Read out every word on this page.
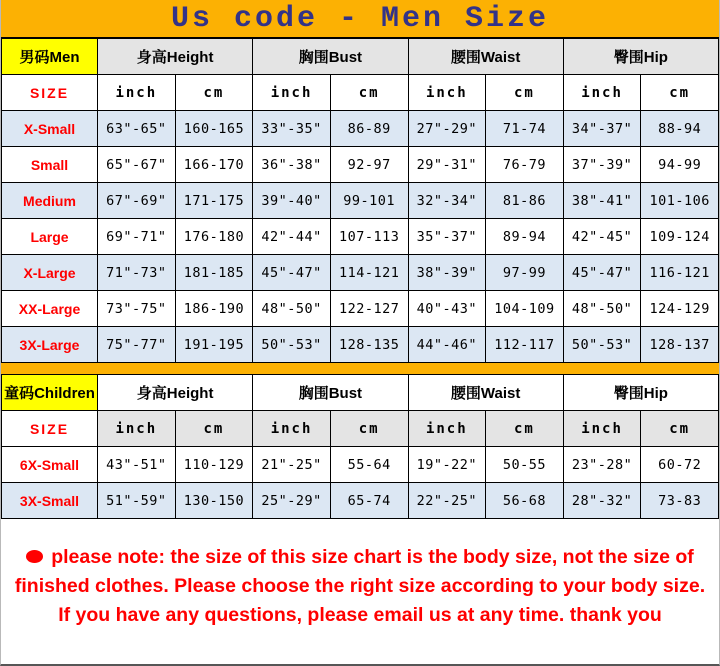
Us code - Men Size
男码Men	身高Height	胸围Bust	腰围Waist	臀围Hip
SIZE	inch	cm	inch	cm	inch	cm	inch	cm
X-Small	63"-65"	160-165	33"-35"	86-89	27"-29"	71-74	34"-37"	88-94
Small	65"-67"	166-170	36"-38"	92-97	29"-31"	76-79	37"-39"	94-99
Medium	67"-69"	171-175	39"-40"	99-101	32"-34"	81-86	38"-41"	101-106
Large	69"-71"	176-180	42"-44"	107-113	35"-37"	89-94	42"-45"	109-124
X-Large	71"-73"	181-185	45"-47"	114-121	38"-39"	97-99	45"-47"	116-121
XX-Large	73"-75"	186-190	48"-50"	122-127	40"-43"	104-109	48"-50"	124-129
3X-Large	75"-77"	191-195	50"-53"	128-135	44"-46"	112-117	50"-53"	128-137
童码Children	身高Height	胸围Bust	腰围Waist	臀围Hip
SIZE	inch	cm	inch	cm	inch	cm	inch	cm
6X-Small	43"-51"	110-129	21"-25"	55-64	19"-22"	50-55	23"-28"	60-72
3X-Small	51"-59"	130-150	25"-29"	65-74	22"-25"	56-68	28"-32"	73-83
please note: the size of this size chart is the body size, not the size of finished clothes. Please choose the right size according to your body size. If you have any questions, please email us at any time. thank you
